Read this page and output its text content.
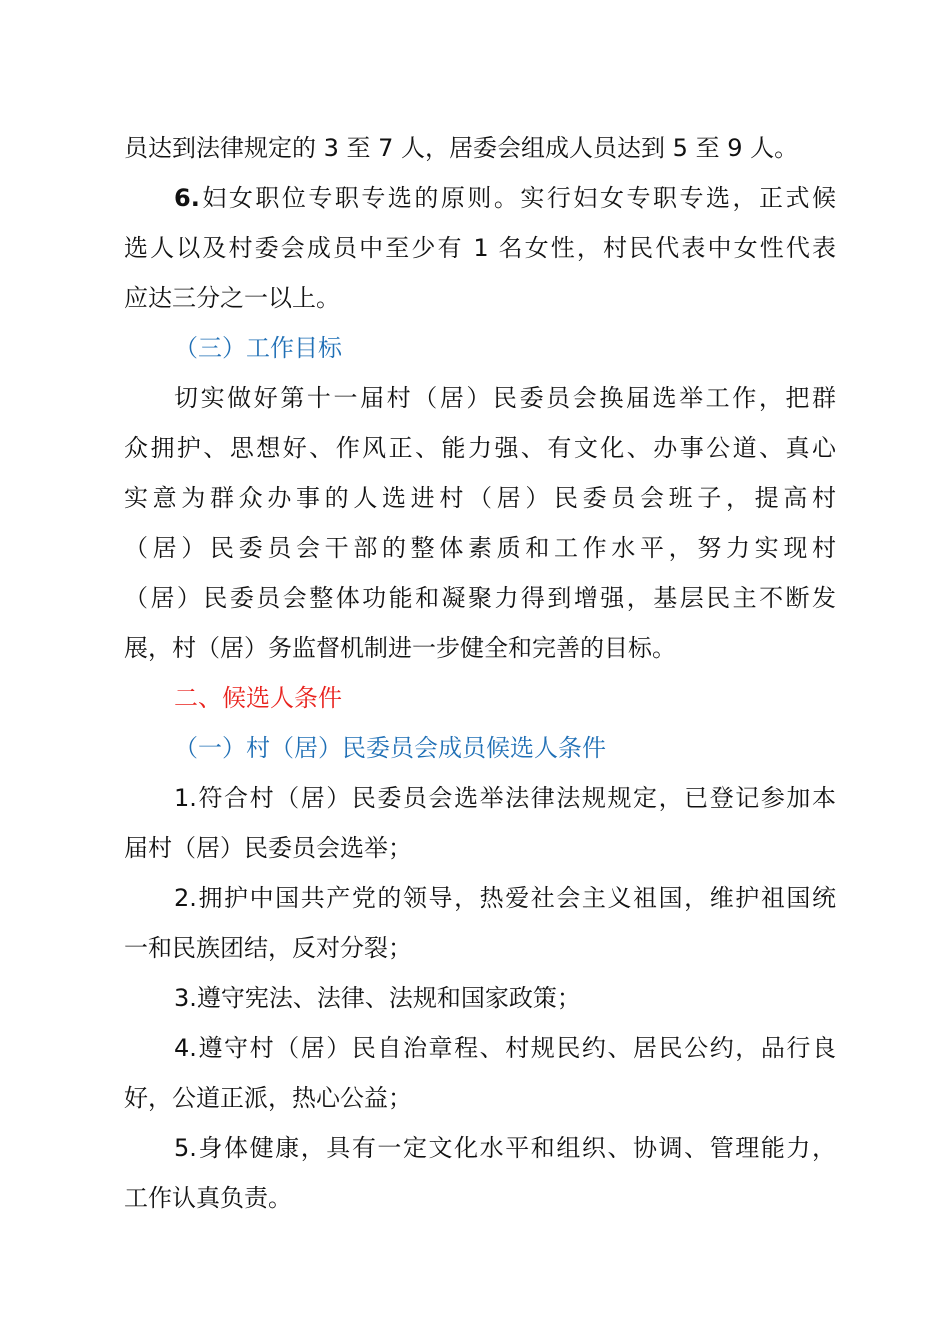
员达到法律规定的 3 至 7 人，居委会组成人员达到 5 至 9 人。
6.妇女职位专职专选的原则。实行妇女专职专选，正式候
选人以及村委会成员中至少有 1 名女性，村民代表中女性代表
应达三分之一以上。
（三）工作目标
切实做好第十一届村（居）民委员会换届选举工作，把群
众拥护、思想好、作风正、能力强、有文化、办事公道、真心
实意为群众办事的人选进村（居）民委员会班子，提高村
（居）民委员会干部的整体素质和工作水平，努力实现村
（居）民委员会整体功能和凝聚力得到增强，基层民主不断发
展，村（居）务监督机制进一步健全和完善的目标。
二、候选人条件
（一）村（居）民委员会成员候选人条件
1.符合村（居）民委员会选举法律法规规定，已登记参加本
届村（居）民委员会选举；
2.拥护中国共产党的领导，热爱社会主义祖国，维护祖国统
一和民族团结，反对分裂；
3.遵守宪法、法律、法规和国家政策；
4.遵守村（居）民自治章程、村规民约、居民公约，品行良
好，公道正派，热心公益；
5.身体健康，具有一定文化水平和组织、协调、管理能力，
工作认真负责。
